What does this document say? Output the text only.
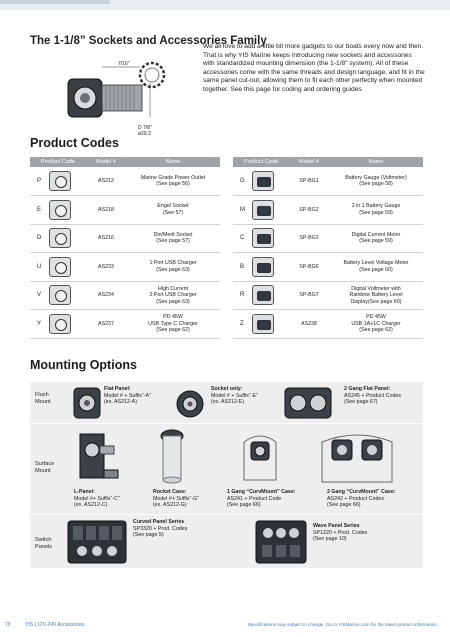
The 1-1/8” Sockets and Accessories Family
7/16"
D 7/8"
ø29.3
We all love to add a little bit more gadgets to our boats every now and then. That is why YIS Marine keeps introducing new sockets and accessories with standardized mounting dimension (the 1-1/8” system). All of these accessories come with the same threads and design language, and fit in the same panel cut-out, allowing them to fit each other perfectly when mounted together. See this page for coding and ordering guides
Product Codes
Product Code	Model #	Name
P	AS212	Marine Grade Power Outlet
(See page 56)

E	AS218	Engel Socket
(See 57)

D	AS216	Din/Merit Socket
(See page 57)

U	AS233	1 Port USB Charger
(See page 63)

V	AS234	High Current
2 Port USB Charger
(See page 63)

Y	AS237	PD 45W
USB Type C Charger
(See page 62)
Product Code	Model #	Name
G	SP-BG1	Battery Gauge (Voltmeter)
(See page 58)

M	SP-BG2	2 in 1 Battery Gauge
(See page 59)

C	SP-BG3	Digital Current Meter
(See page 59)

B	SP-BG6	Battery Level Voltage Meter
(See page 60)

R	SP-BG7	Digital Voltmeter with
Rainbow Battery Level
Display(See page 60)

Z	AS238	PD 45W
USB 1A+1C Charger
(See page 62)
Mounting Options
Flush
Mount
Surface
Mount
Switch
Panels
Flat Panel:
Model # + Suffix“-A”
(ex. AS212-A)
Socket only:
Model # + Suffix“-E”
(ex. AS212-E)
2 Gang Flat Panel:
AS245 + Product Codes
(See page 67)
L-Panel:
Model #+ Suffix“-C”
(ex. AS212-C)
Rocket Case:
Model #+ Suffix“-G”
(ex. AS212-G)
1 Gang “CurvMount” Case:
AS241 + Product Code
(See page 66)
2 Gang “CurvMount” Case:
AS242 + Product Codes
(See page 66)
Curved Panel Series
SP3320 + Prod. Codes
(See page 5)
Wave Panel Series
SP1220 + Prod. Codes
(See page 10)
70	YIS | 12V-24V Accessories	Specifications may subject to change. Go to YISMarine.com for the latest product information.
